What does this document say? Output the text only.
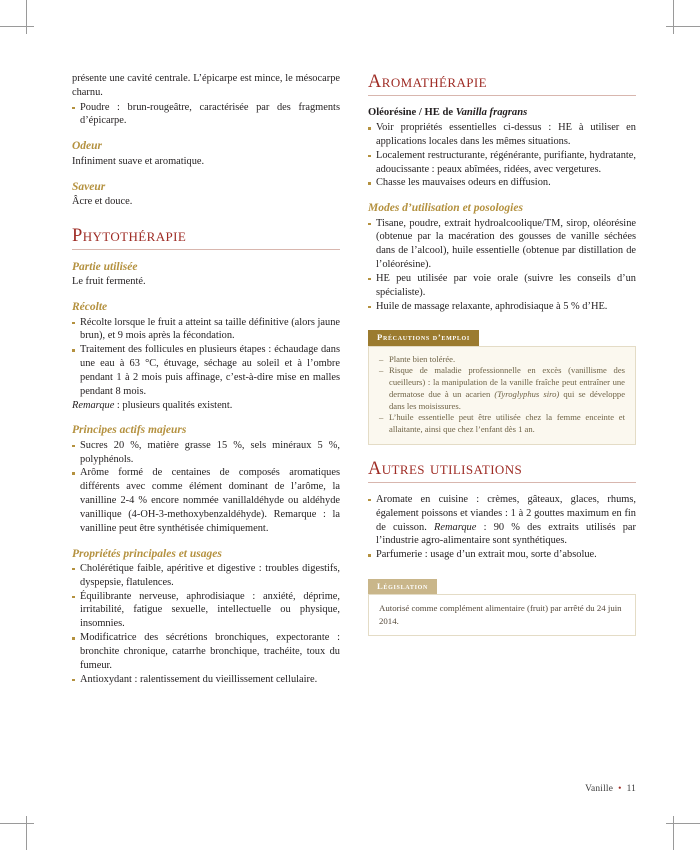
présente une cavité centrale. L’épicarpe est mince, le mésocarpe charnu.

Poudre : brun-rougeâtre, caractérisée par des fragments d’épicarpe.
Odeur

Infiniment suave et aromatique.

Saveur

Âcre et douce.

Phytothérapie
Partie utilisée

Le fruit fermenté.

Récolte
Récolte lorsque le fruit a atteint sa taille définitive (alors jaune brun), et 9 mois après la fécondation.
Traitement des follicules en plusieurs étapes : échaudage dans une eau à 63 °C, étuvage, séchage au soleil et à l’ombre pendant 1 à 2 mois puis affinage, c’est-à-dire mise en malles pendant 8 mois.

Remarque : plusieurs qualités existent.

Principes actifs majeurs
Sucres 20 %, matière grasse 15 %, sels minéraux 5 %, polyphénols.
Arôme formé de centaines de composés aromatiques différents avec comme élément dominant de l’arôme, la vanilline 2-4 % encore nommée vanillaldéhyde ou aldéhyde vanillique (4-OH-3-methoxybenzaldéhyde). Remarque : la vanilline peut être synthétisée chimiquement.
Propriétés principales et usages
Cholérétique faible, apéritive et digestive : troubles digestifs, dyspepsie, flatulences.
Équilibrante nerveuse, aphrodisiaque : anxiété, déprime, irritabilité, fatigue sexuelle, intellectuelle ou physique, insomnies.
Modificatrice des sécrétions bronchiques, expectorante : bronchite chronique, catarrhe bronchique, trachéite, toux du fumeur.
Antioxydant : ralentissement du vieillissement cellulaire.
Aromathérapie
Oléorésine / HE de Vanilla fragrans
Voir propriétés essentielles ci-dessus : HE à utiliser en applications locales dans les mêmes situations.
Localement restructurante, régénérante, purifiante, hydratante, adoucissante : peaux abîmées, ridées, avec vergetures.
Chasse les mauvaises odeurs en diffusion.
Modes d’utilisation et posologies
Tisane, poudre, extrait hydroalcoolique/TM, sirop, oléorésine (obtenue par la macération des gousses de vanille séchées dans de l’alcool), huile essentielle (obtenue par distillation de l’oléorésine).
HE peu utilisée par voie orale (suivre les conseils d’un spécialiste).
Huile de massage relaxante, aphrodisiaque à 5 % d’HE.
Précautions d’emploi
– Plante bien tolérée.
– Risque de maladie professionnelle en excès (vanillisme des cueilleurs) : la manipulation de la vanille fraîche peut entraîner une dermatose due à un acarien (Tyroglyphus siro) qui se développe dans les moisissures.
– L’huile essentielle peut être utilisée chez la femme enceinte et allaitante, ainsi que chez l’enfant dès 1 an.
Autres utilisations
Aromate en cuisine : crèmes, gâteaux, glaces, rhums, également poissons et viandes : 1 à 2 gouttes maximum en fin de cuisson. Remarque : 90 % des extraits utilisés par l’industrie agro-alimentaire sont synthétiques.
Parfumerie : usage d’un extrait mou, sorte d’absolue.
Législation

Autorisé comme complément alimentaire (fruit) par arrêté du 24 juin 2014.

Vanille • 11
